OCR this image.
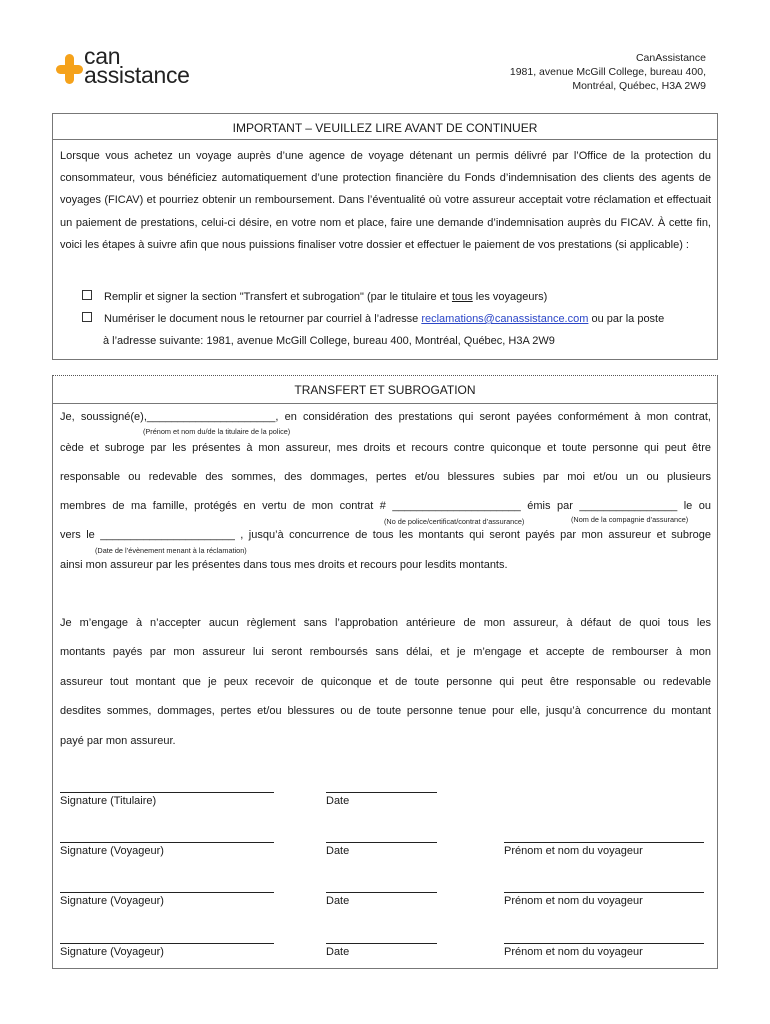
can
assistance
CanAssistance
1981, avenue McGill College, bureau 400,
Montréal, Québec, H3A 2W9
IMPORTANT – VEUILLEZ LIRE AVANT DE CONTINUER
Lorsque vous achetez un voyage auprès d’une agence de voyage détenant un permis délivré par l’Office de la protection du consommateur, vous bénéficiez automatiquement d’une protection financière du Fonds d’indemnisation des clients des agents de voyages (FICAV) et pourriez obtenir un remboursement. Dans l’éventualité où votre assureur acceptait votre réclamation et effectuait un paiement de prestations, celui-ci désire, en votre nom et place, faire une demande d’indemnisation auprès du FICAV. À cette fin, voici les étapes à suivre afin que nous puissions finaliser votre dossier et effectuer le paiement de vos prestations (si applicable) :
Remplir et signer la section "Transfert et subrogation" (par le titulaire et tous les voyageurs)
Numériser le document nous le retourner par courriel à l’adresse reclamations@canassistance.com ou par la poste
à l’adresse suivante: 1981, avenue McGill College, bureau 400, Montréal, Québec, H3A 2W9
TRANSFERT ET SUBROGATION
Je, soussigné(e),_____________________, en considération des prestations qui seront payées conformément à mon contrat,
(Prénom et nom du/de la titulaire de la police)
cède et subroge par les présentes à mon assureur, mes droits et recours contre quiconque et toute personne qui peut être
responsable ou redevable des sommes, des dommages, pertes et/ou blessures subies par moi et/ou un ou plusieurs
membres de ma famille, protégés en vertu de mon contrat # _____________________ émis par ________________ le ou
(No de police/certificat/contrat d’assurance)	(Nom de la compagnie d’assurance)
vers le ______________________ , jusqu’à concurrence de tous les montants qui seront payés par mon assureur et subroge
(Date de l’évènement menant à la réclamation)
ainsi mon assureur par les présentes dans tous mes droits et recours pour lesdits montants.
Je m’engage à n’accepter aucun règlement sans l’approbation antérieure de mon assureur, à défaut de quoi tous les
montants payés par mon assureur lui seront remboursés sans délai, et je m’engage et accepte de rembourser à mon
assureur tout montant que je peux recevoir de quiconque et de toute personne qui peut être responsable ou redevable
desdites sommes, dommages, pertes et/ou blessures ou de toute personne tenue pour elle, jusqu’à concurrence du montant
payé par mon assureur.
Signature (Titulaire)	Date
Signature (Voyageur)	Date	Prénom et nom du voyageur
Signature (Voyageur)	Date	Prénom et nom du voyageur
Signature (Voyageur)	Date	Prénom et nom du voyageur
